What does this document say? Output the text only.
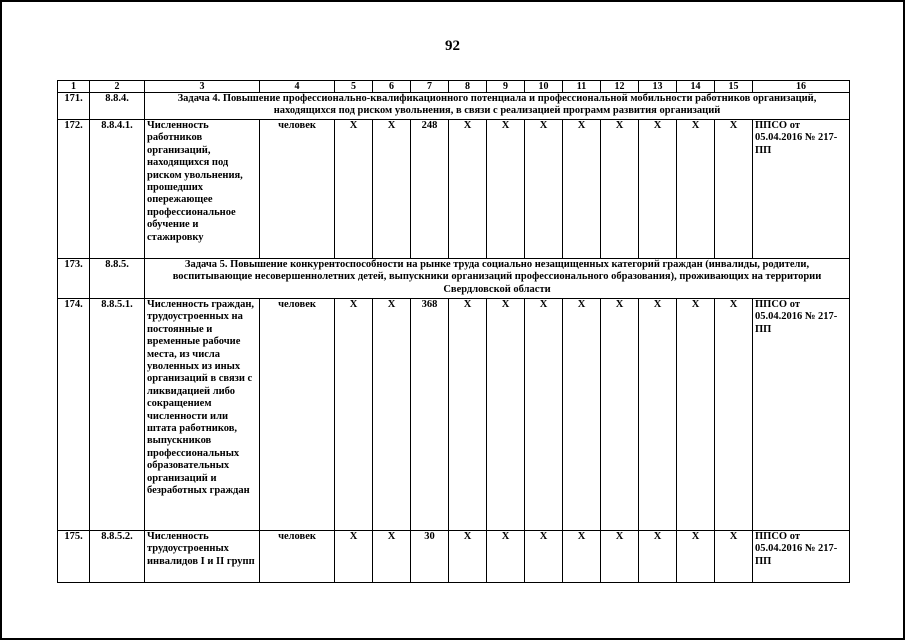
92
1	2	3	4	5	6	7	8	9	10	11	12	13	14	15	16
171.	8.8.4.	Задача 4. Повышение профессионально-квалификационного потенциала и профессиональной мобильности работников организаций, находящихся под риском увольнения, в связи с реализацией программ развития организаций													
172.	8.8.4.1.	Численность работников организаций, находящихся под риском увольнения, прошедших опережающее профессиональное обучение и стажировку	человек	X	X	248	X	X	X	X	X	X	X	X	ППСО от 05.04.2016 № 217-ПП
173.	8.8.5.	Задача 5. Повышение конкурентоспособности на рынке труда социально незащищенных категорий граждан (инвалиды, родители, воспитывающие несовершеннолетних детей, выпускники организаций профессионального образования), проживающих на территории Свердловской области													
174.	8.8.5.1.	Численность граждан, трудоустроенных на постоянные и временные рабочие места, из числа уволенных из иных организаций в связи с ликвидацией либо сокращением численности или штата работников, выпускников профессиональных образовательных организаций и безработных граждан	человек	X	X	368	X	X	X	X	X	X	X	X	ППСО от 05.04.2016 № 217-ПП
175.	8.8.5.2.	Численность трудоустроенных инвалидов I и II групп	человек	X	X	30	X	X	X	X	X	X	X	X	ППСО от 05.04.2016 № 217-ПП
